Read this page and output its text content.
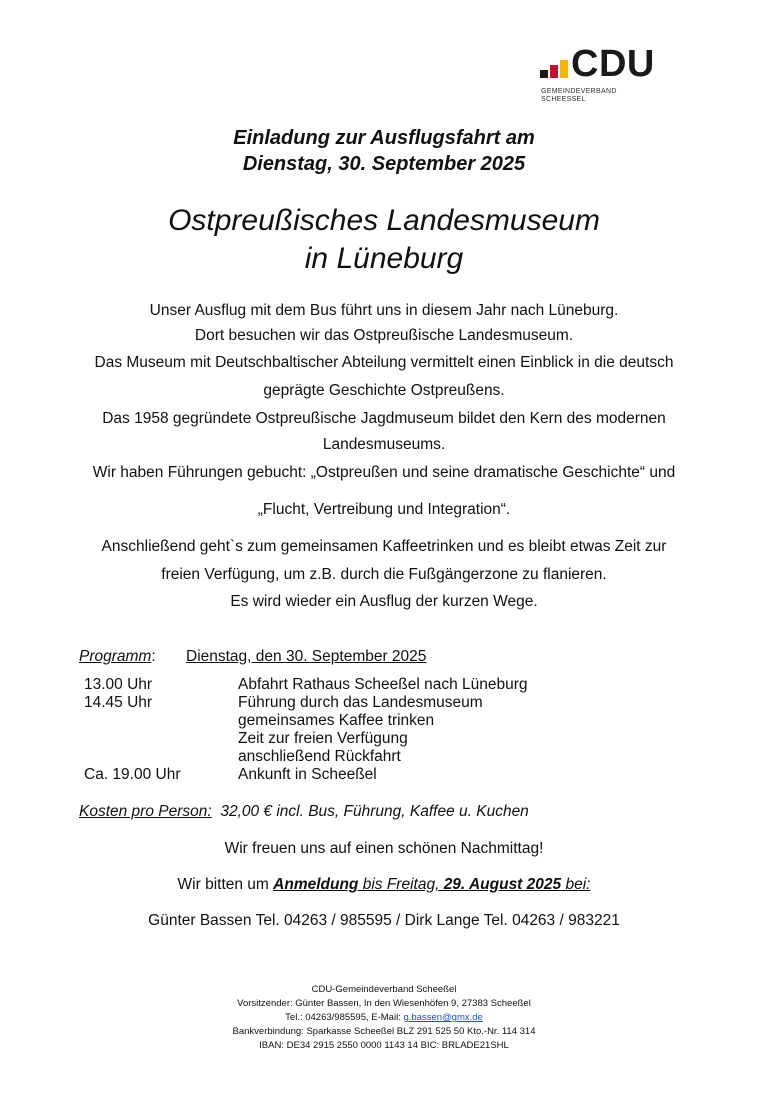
CDU
GEMEINDEVERBAND
SCHEESSEL
Einladung zur Ausflugsfahrt am
Dienstag, 30. September 2025
Ostpreußisches Landesmuseum
in Lüneburg
Unser Ausflug mit dem Bus führt uns in diesem Jahr nach Lüneburg.
Dort besuchen wir das Ostpreußische Landesmuseum.
Das Museum mit Deutschbaltischer Abteilung vermittelt einen Einblick in die deutsch
geprägte Geschichte Ostpreußens.
Das 1958 gegründete Ostpreußische Jagdmuseum bildet den Kern des modernen
Landesmuseums.
Wir haben Führungen gebucht: „Ostpreußen und seine dramatische Geschichte“ und
„Flucht, Vertreibung und Integration“.
Anschließend geht`s zum gemeinsamen Kaffeetrinken und es bleibt etwas Zeit zur
freien Verfügung, um z.B. durch die Fußgängerzone zu flanieren.
Es wird wieder ein Ausflug der kurzen Wege.
Programm: Dienstag, den 30. September 2025
13.00 Uhr	Abfahrt Rathaus Scheeßel nach Lüneburg
14.45 Uhr	Führung durch das Landesmuseum
gemeinsames Kaffee trinken
Zeit zur freien Verfügung
anschließend Rückfahrt
Ca. 19.00 Uhr	Ankunft in Scheeßel
Kosten pro Person: 32,00 € incl. Bus, Führung, Kaffee u. Kuchen
Wir freuen uns auf einen schönen Nachmittag!
Wir bitten um Anmeldung bis Freitag, 29. August 2025 bei:
Günter Bassen Tel. 04263 / 985595 / Dirk Lange Tel. 04263 / 983221
CDU-Gemeindeverband Scheeßel
Vorsitzender: Günter Bassen, In den Wiesenhöfen 9, 27383 Scheeßel
Tel.: 04263/985595, E-Mail: g.bassen@gmx.de
Bankverbindung: Sparkasse Scheeßel BLZ 291 525 50 Kto.-Nr. 114 314
IBAN: DE34 2915 2550 0000 1143 14 BIC: BRLADE21SHL
